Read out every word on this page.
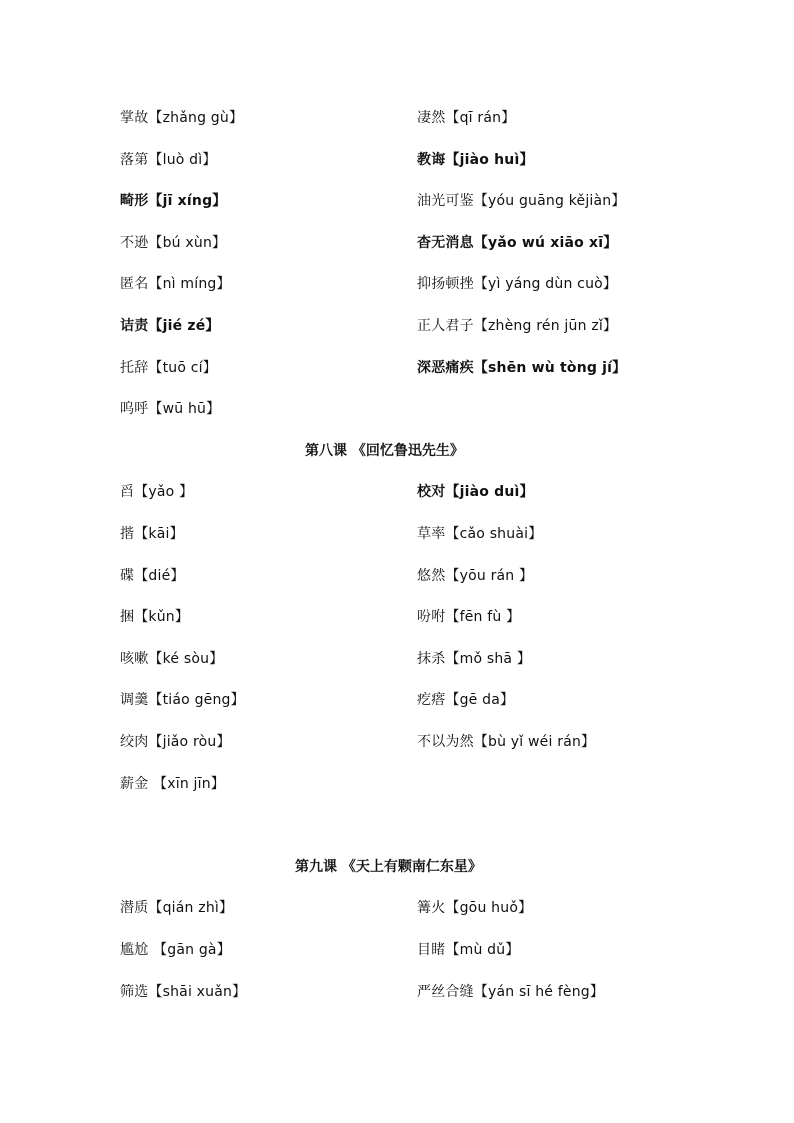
掌故【zhǎng gù】
落第【luò dì】
畸形【jī xíng】
不逊【bú xùn】
匿名【nì míng】
诘责【jié zé】
托辞【tuō cí】
呜呼【wū hū】
凄然【qī rán】
教诲【jiào huì】
油光可鉴【yóu guāng kějiàn】
杳无消息【yǎo wú xiāo xī】
抑扬顿挫【yì yáng dùn cuò】
正人君子【zhèng rén jūn zǐ】
深恶痛疾【shēn wù tòng jí】
第八课 《回忆鲁迅先生》
舀【yǎo 】
揩【kāi】
碟【dié】
捆【kǔn】
咳嗽【ké sòu】
调羹【tiáo gēng】
绞肉【jiǎo ròu】
薪金 【xīn jīn】
校对【jiào duì】
草率【cǎo shuài】
悠然【yōu rán 】
吩咐【fēn fù 】
抹杀【mǒ shā 】
疙瘩【gē da】
不以为然【bù yǐ wéi rán】
第九课 《天上有颗南仁东星》
潜质【qián zhì】
尴尬 【gān gà】
筛选【shāi xuǎn】
篝火【gōu huǒ】
目睹【mù dǔ】
严丝合缝【yán sī hé fèng】
